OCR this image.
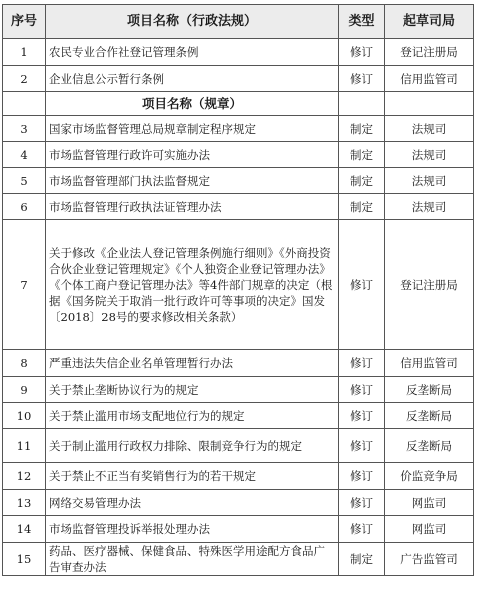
序号	项目名称（行政法规）	类型	起草司局
1	农民专业合作社登记管理条例	修订	登记注册局
2	企业信息公示暂行条例	修订	信用监管司
	项目名称（规章）		
3	国家市场监督管理总局规章制定程序规定	制定	法规司
4	市场监督管理行政许可实施办法	制定	法规司
5	市场监督管理部门执法监督规定	制定	法规司
6	市场监督管理行政执法证管理办法	制定	法规司
7	关于修改《企业法人登记管理条例施行细则》《外商投资合伙企业登记管理规定》《个人独资企业登记管理办法》《个体工商户登记管理办法》等4件部门规章的决定（根据《国务院关于取消一批行政许可等事项的决定》国发〔2018〕28号的要求修改相关条款）	修订	登记注册局
8	严重违法失信企业名单管理暂行办法	修订	信用监管司
9	关于禁止垄断协议行为的规定	修订	反垄断局
10	关于禁止滥用市场支配地位行为的规定	修订	反垄断局
11	关于制止滥用行政权力排除、限制竞争行为的规定	修订	反垄断局
12	关于禁止不正当有奖销售行为的若干规定	修订	价监竞争局
13	网络交易管理办法	修订	网监司
14	市场监督管理投诉举报处理办法	修订	网监司
15	药品、医疗器械、保健食品、特殊医学用途配方食品广告审查办法	制定	广告监管司
